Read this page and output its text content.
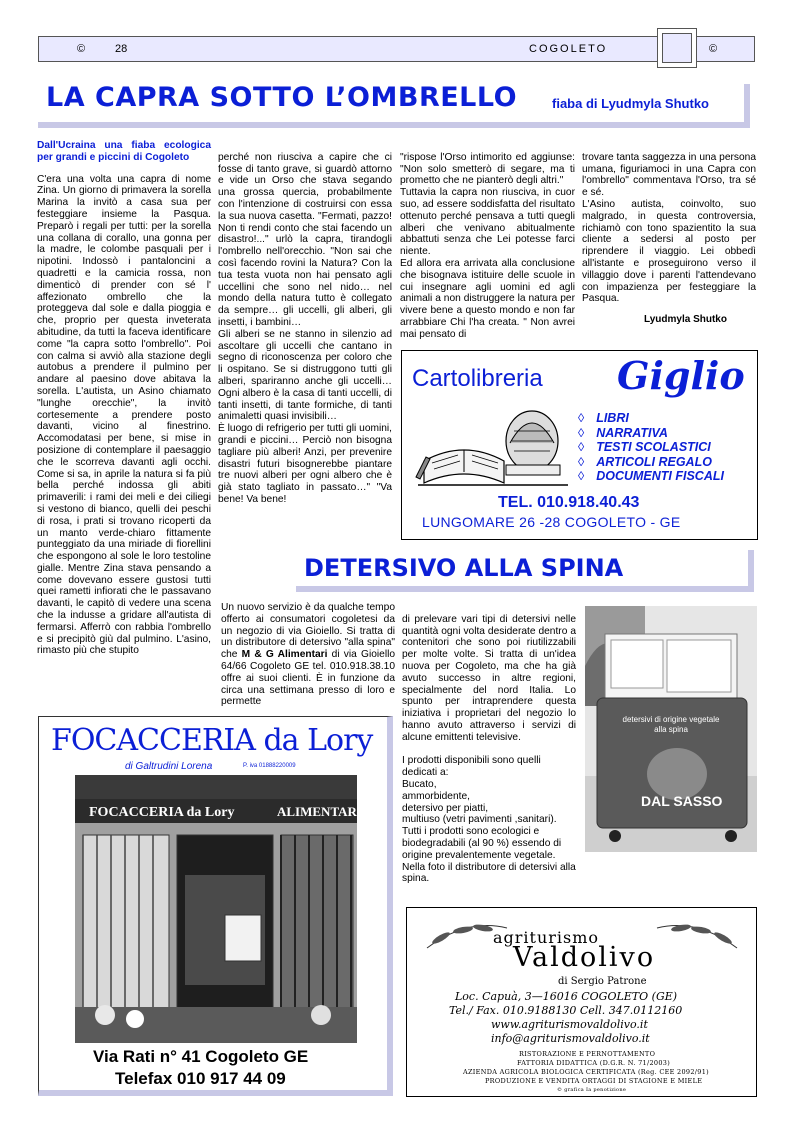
©	28	COGOLETO	©
LA CAPRA SOTTO L’OMBRELLO	fiaba di Lyudmyla Shutko

Dall'Ucraina una fiaba ecologica per grandi e piccini di Cogoleto

C'era una volta una capra di nome Zina. Un giorno di primavera la sorella Marina la invitò a casa sua per festeggiare insieme la Pasqua. Preparò i regali per tutti: per la sorella una collana di corallo, una gonna per la madre, le colombe pasquali per i nipotini. Indossò i pantaloncini a quadretti e la camicia rossa, non dimenticò di prender con sé l' affezionato ombrello che la proteggeva dal sole e dalla pioggia e che, proprio per questa inveterata abitudine, da tutti la faceva identificare come "la capra sotto l'ombrello". Poi con calma si avviò alla stazione degli autobus a prendere il pulmino per andare al paesino dove abitava la sorella. L'autista, un Asino chiamato "lunghe orecchie", la invitò cortesemente a prendere posto davanti, vicino al finestrino. Accomodatasi per bene, si mise in posizione di contemplare il paesaggio che le scorreva davanti agli occhi. Come si sa, in aprile la natura si fa più bella perché indossa gli abiti primaverili: i rami dei meli e dei ciliegi si vestono di bianco, quelli dei peschi di rosa, i prati si trovano ricoperti da un manto verde-chiaro fittamente punteggiato da una miriade di fiorellini che espongono al sole le loro testoline gialle. Mentre Zina stava pensando a come dovevano essere gustosi tutti quei rametti infiorati che le passavano davanti, le capitò di vedere una scena che la indusse a gridare all'autista di fermarsi. Afferrò con rabbia l'ombrello e si precipitò giù dal pulmino. L'asino, rimasto più che stupito

perché non riusciva a capire che ci fosse di tanto grave, si guardò attorno e vide un Orso che stava segando una grossa quercia, probabilmente con l'intenzione di costruirsi con essa la sua nuova casetta. "Fermati, pazzo! Non ti rendi conto che stai facendo un disastro!..." urlò la capra, tirandogli l'ombrello nell'orecchio. "Non sai che così facendo rovini la Natura? Con la tua testa vuota non hai pensato agli uccellini che sono nel nido… nel mondo della natura tutto è collegato da sempre… gli uccelli, gli alberi, gli insetti, i bambini…
Gli alberi se ne stanno in silenzio ad ascoltare gli uccelli che cantano in segno di riconoscenza per coloro che li ospitano. Se si distruggono tutti gli alberi, spariranno anche gli uccelli… Ogni albero è la casa di tanti uccelli, di tanti insetti, di tante formiche, di tanti animaletti quasi invisibili…
È luogo di refrigerio per tutti gli uomini, grandi e piccini… Perciò non bisogna tagliare più alberi! Anzi, per prevenire disastri futuri bisognerebbe piantare tre nuovi alberi per ogni albero che è già stato tagliato in passato…" "Va bene! Va bene!

"rispose l'Orso intimorito ed aggiunse: "Non solo smetterò di segare, ma ti prometto che ne pianterò degli altri."
Tuttavia la capra non riusciva, in cuor suo, ad essere soddisfatta del risultato ottenuto perché pensava a tutti quegli alberi che venivano abitualmente abbattuti senza che Lei potesse farci niente.
Ed allora era arrivata alla conclusione che bisognava istituire delle scuole in cui insegnare agli uomini ed agli animali a non distruggere la natura per vivere bene a questo mondo e non far arrabbiare Chi l'ha creata. " Non avrei mai pensato di

trovare tanta saggezza in una persona umana, figuriamoci in una Capra con l'ombrello" commentava l'Orso, tra sé e sé.
L'Asino autista, coinvolto, suo malgrado, in questa controversia, richiamò con tono spazientito la sua cliente a sedersi al posto per riprendere il viaggio. Lei obbedì all'istante e proseguirono verso il villaggio dove i parenti l'attendevano con impazienza per festeggiare la Pasqua.

Lyudmyla Shutko
Cartolibreria Giglio
◊ LIBRI
◊ NARRATIVA
◊ TESTI SCOLASTICI
◊ ARTICOLI REGALO
◊ DOCUMENTI FISCALI
TEL. 010.918.40.43
LUNGOMARE 26 -28 COGOLETO - GE
DETERSIVO ALLA SPINA

Un nuovo servizio è da qualche tempo offerto ai consumatori cogoletesi da un negozio di via Gioiello. Si tratta di un distributore di detersivo "alla spina" che M & G Alimentari di via Gioiello 64/66 Cogoleto GE tel. 010.918.38.10 offre ai suoi clienti. È in funzione da circa una settimana presso di loro e permette

di prelevare vari tipi di detersivi nelle quantità ogni volta desiderate dentro a contenitori che sono poi riutilizzabili per molte volte. Si tratta di un'idea nuova per Cogoleto, ma che ha già avuto successo in altre regioni, specialmente del nord Italia. Lo spunto per intraprendere questa iniziativa i proprietari del negozio lo hanno avuto attraverso i servizi di alcune emittenti televisive.

I prodotti disponibili sono quelli dedicati a:
Bucato,
ammorbidente,
detersivo per piatti,
multiuso (vetri pavimenti ,sanitari).
Tutti i prodotti sono ecologici e biodegradabili (al 90 %) essendo di origine prevalentemente vegetale.
Nella foto il distributore di detersivi alla spina.

detersivi di origine vegetale alla spina
DAL SASSO
FOCACCERIA da Lory
di Galtrudini Lorena	P. iva 01888220009
FOCACCERIA da Lory	ALIMENTARI
Via Rati n° 41 Cogoleto GE
Telefax 010 917 44 09
agriturismo
Valdolivo
di Sergio Patrone
Loc. Capuà, 3—16016 COGOLETO (GE)
Tel./ Fax. 010.9188130 Cell. 347.0112160
www.agriturismovaldolivo.it
info@agriturismovaldolivo.it
RISTORAZIONE E PERNOTTAMENTO
FATTORIA DIDATTICA (D.G.R. N. 71/2003)
AZIENDA AGRICOLA BIOLOGICA CERTIFICATA (Reg. CEE 2092/91)
PRODUZIONE E VENDITA ORTAGGI DI STAGIONE E MIELE
© grafica Ia penotizione
